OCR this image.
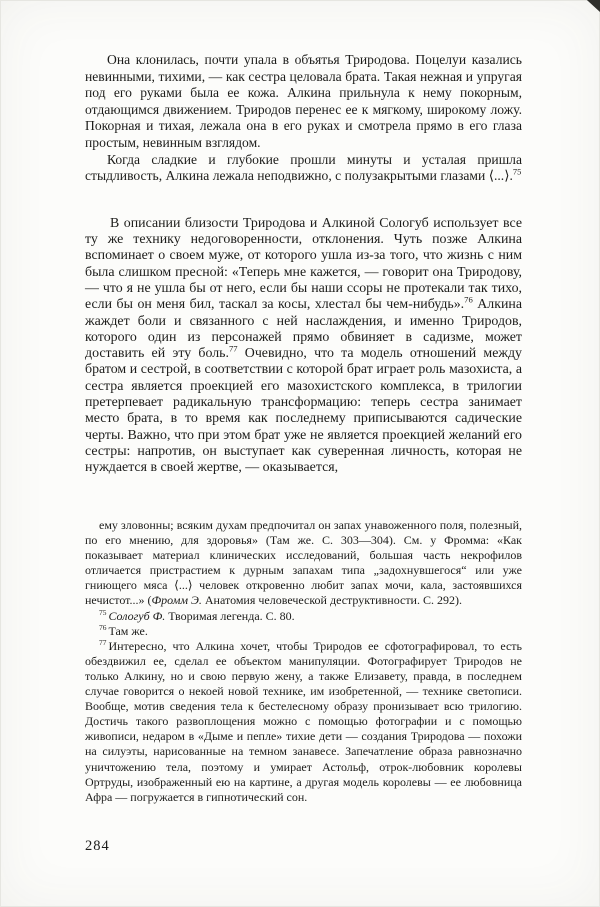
Она клонилась, почти упала в объятья Триродова. Поцелуи казались невинными, тихими, — как сестра целовала брата. Такая нежная и упругая под его руками была ее кожа. Алкина прильнула к нему покорным, отдающимся движением. Триродов перенес ее к мягкому, широкому ложу. Покорная и тихая, лежала она в его руках и смотрела прямо в его глаза простым, невинным взглядом.

Когда сладкие и глубокие прошли минуты и усталая пришла стыдливость, Алкина лежала неподвижно, с полузакрытыми глазами ⟨...⟩.$^{75}$

В описании близости Триродова и Алкиной Сологуб использует все ту же технику недоговоренности, отклонения. Чуть позже Алкина вспоминает о своем муже, от которого ушла из-за того, что жизнь с ним была слишком пресной: «Теперь мне кажется, — говорит она Триродову, — что я не ушла бы от него, если бы наши ссоры не протекали так тихо, если бы он меня бил, таскал за косы, хлестал бы чем-нибудь».$^{76}$ Алкина жаждет боли и связанного с ней наслаждения, и именно Триродов, которого один из персонажей прямо обвиняет в садизме, может доставить ей эту боль.$^{77}$ Очевидно, что та модель отношений между братом и сестрой, в соответствии с которой брат играет роль мазохиста, а сестра является проекцией его мазохистского комплекса, в трилогии претерпевает радикальную трансформацию: теперь сестра занимает место брата, в то время как последнему приписываются садические черты. Важно, что при этом брат уже не является проекцией желаний его сестры: напротив, он выступает как суверенная личность, которая не нуждается в своей жертве, — оказывается,

ему зловонны; всяким духам предпочитал он запах унавоженного поля, полезный, по его мнению, для здоровья» (Там же. С. 303—304). См. у Фромма: «Как показывает материал клинических исследований, большая часть некрофилов отличается пристрастием к дурным запахам типа „задохнувшегося“ или уже гниющего мяса ⟨...⟩ человек откровенно любит запах мочи, кала, застоявшихся нечистот...» (Фромм Э. Анатомия человеческой деструктивности. С. 292).

$^{75}$ Сологуб Ф. Творимая легенда. С. 80.

$^{76}$ Там же.

$^{77}$ Интересно, что Алкина хочет, чтобы Триродов ее сфотографировал, то есть обездвижил ее, сделал ее объектом манипуляции. Фотографирует Триродов не только Алкину, но и свою первую жену, а также Елизавету, правда, в последнем случае говорится о некоей новой технике, им изобретенной, — технике светописи. Вообще, мотив сведения тела к бестелесному образу пронизывает всю трилогию. Достичь такого развоплощения можно с помощью фотографии и с помощью живописи, недаром в «Дыме и пепле» тихие дети — создания Триродова — похожи на силуэты, нарисованные на темном занавесе. Запечатление образа равнозначно уничтожению тела, поэтому и умирает Астольф, отрок-любовник королевы Ортруды, изображенный ею на картине, а другая модель королевы — ее любовница Афра — погружается в гипнотический сон.

284
